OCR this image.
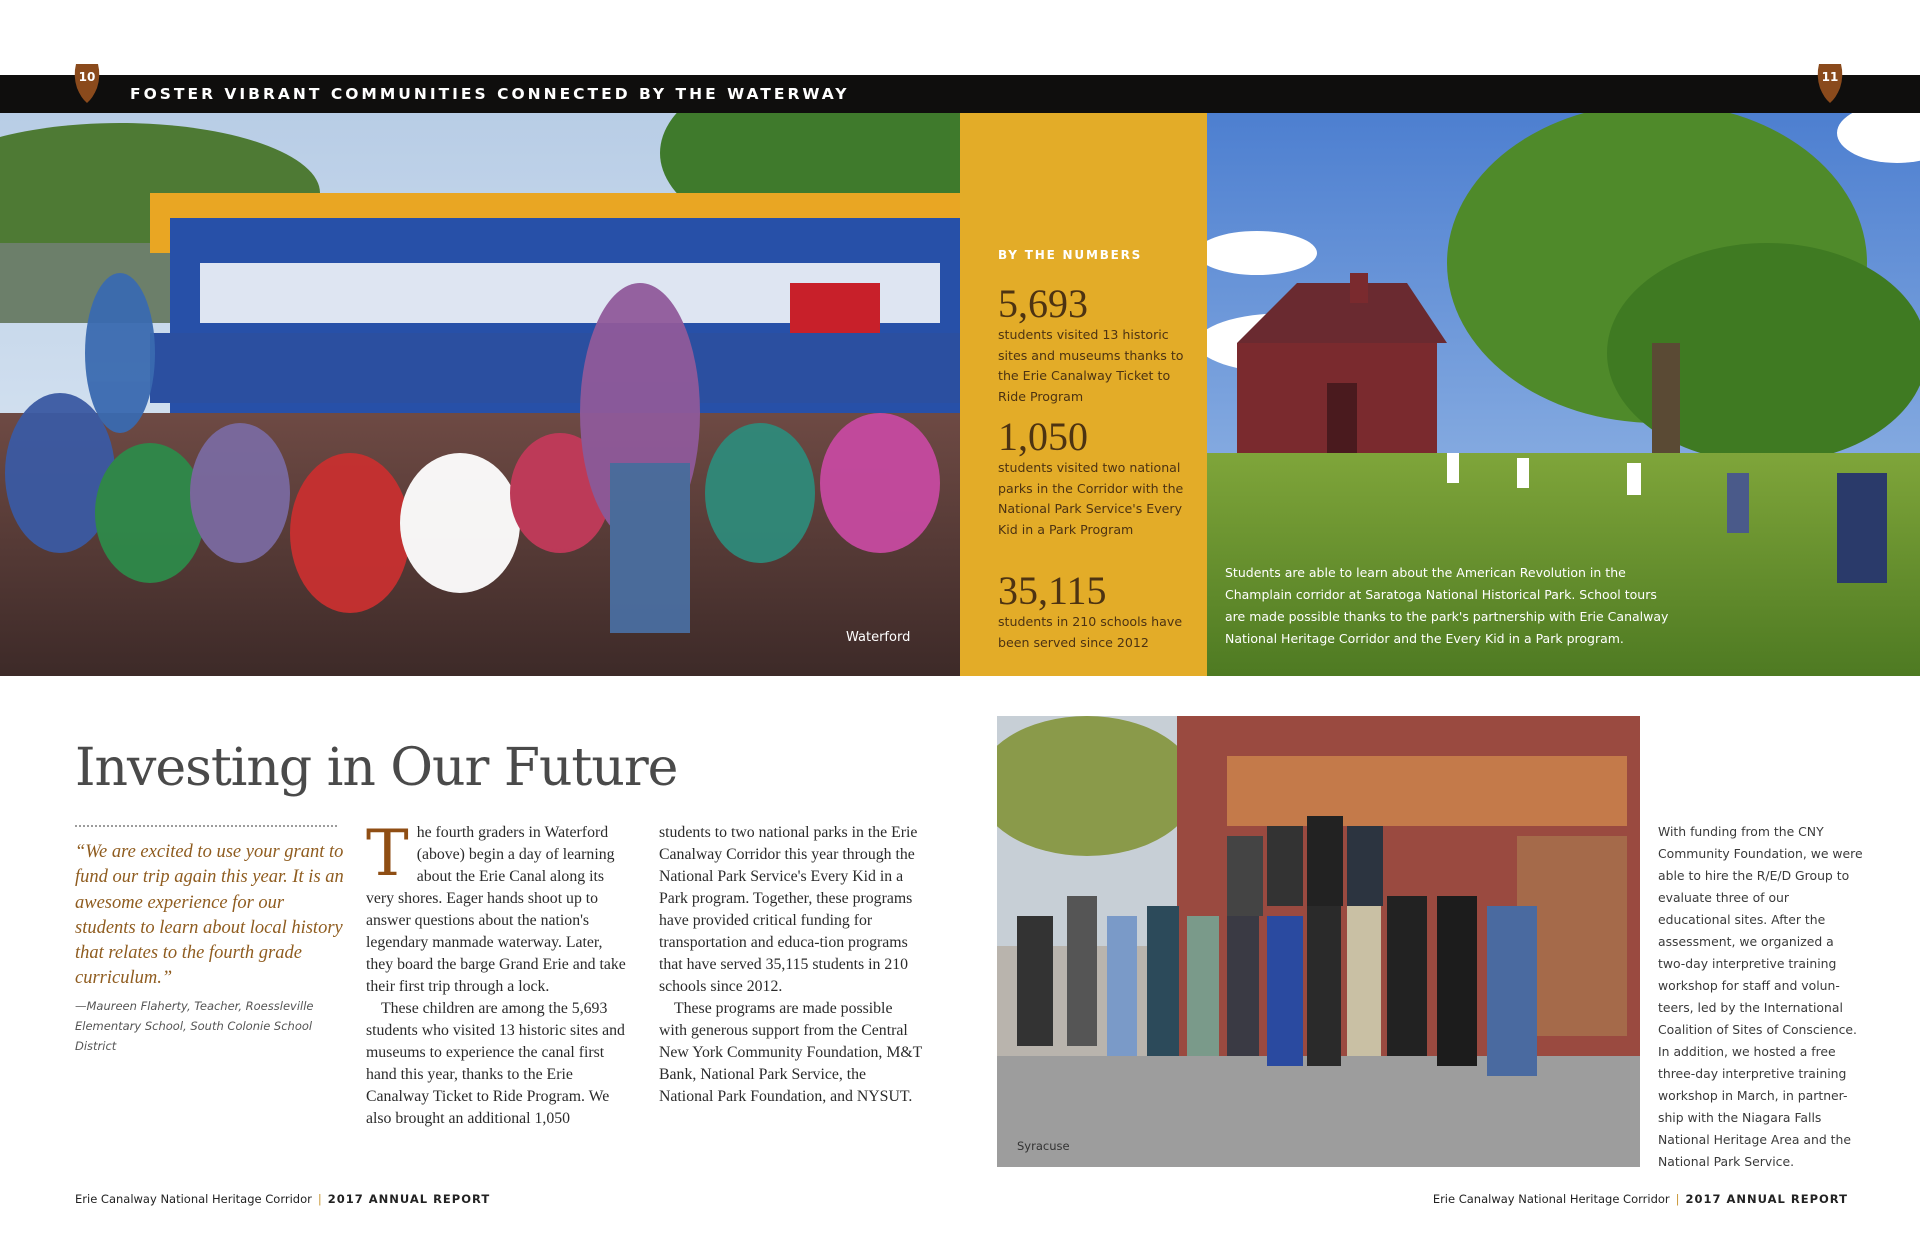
FOSTER VIBRANT COMMUNITIES CONNECTED BY THE WATERWAY
10	11
Waterford
BY THE NUMBERS
5,693
students visited 13 historic sites and museums thanks to the Erie Canalway Ticket to Ride Program
1,050
students visited two national parks in the Corridor with the National Park Service's Every Kid in a Park Program
35,115
students in 210 schools have been served since 2012
Students are able to learn about the American Revolution in the Champlain corridor at Saratoga National Historical Park. School tours are made possible thanks to the park's partnership with Erie Canalway National Heritage Corridor and the Every Kid in a Park program.
Investing in Our Future
“We are excited to use your grant to fund our trip again this year. It is an awesome experience for our students to learn about local history that relates to the fourth grade curriculum.”
—Maureen Flaherty, Teacher, Roessleville Elementary School, South Colonie School District

The fourth graders in Waterford (above) begin a day of learning about the Erie Canal along its very shores. Eager hands shoot up to answer questions about the nation's legendary manmade waterway. Later, they board the barge Grand Erie and take their first trip through a lock.

These children are among the 5,693 students who visited 13 historic sites and museums to experience the canal first hand this year, thanks to the Erie Canalway Ticket to Ride Program. We also brought an additional 1,050

students to two national parks in the Erie Canalway Corridor this year through the National Park Service's Every Kid in a Park program. Together, these programs have provided critical funding for transportation and educa-tion programs that have served 35,115 students in 210 schools since 2012.

These programs are made possible with generous support from the Central New York Community Foundation, M&T Bank, National Park Service, the National Park Foundation, and NYSUT.

Syracuse
With funding from the CNY Community Foundation, we were able to hire the R/E/D Group to evaluate three of our educational sites. After the assessment, we organized a two-day interpretive training workshop for staff and volun-teers, led by the International Coalition of Sites of Conscience. In addition, we hosted a free three-day interpretive training workshop in March, in partner-ship with the Niagara Falls National Heritage Area and the National Park Service.
Erie Canalway National Heritage Corridor | 2017 ANNUAL REPORT	Erie Canalway National Heritage Corridor | 2017 ANNUAL REPORT
